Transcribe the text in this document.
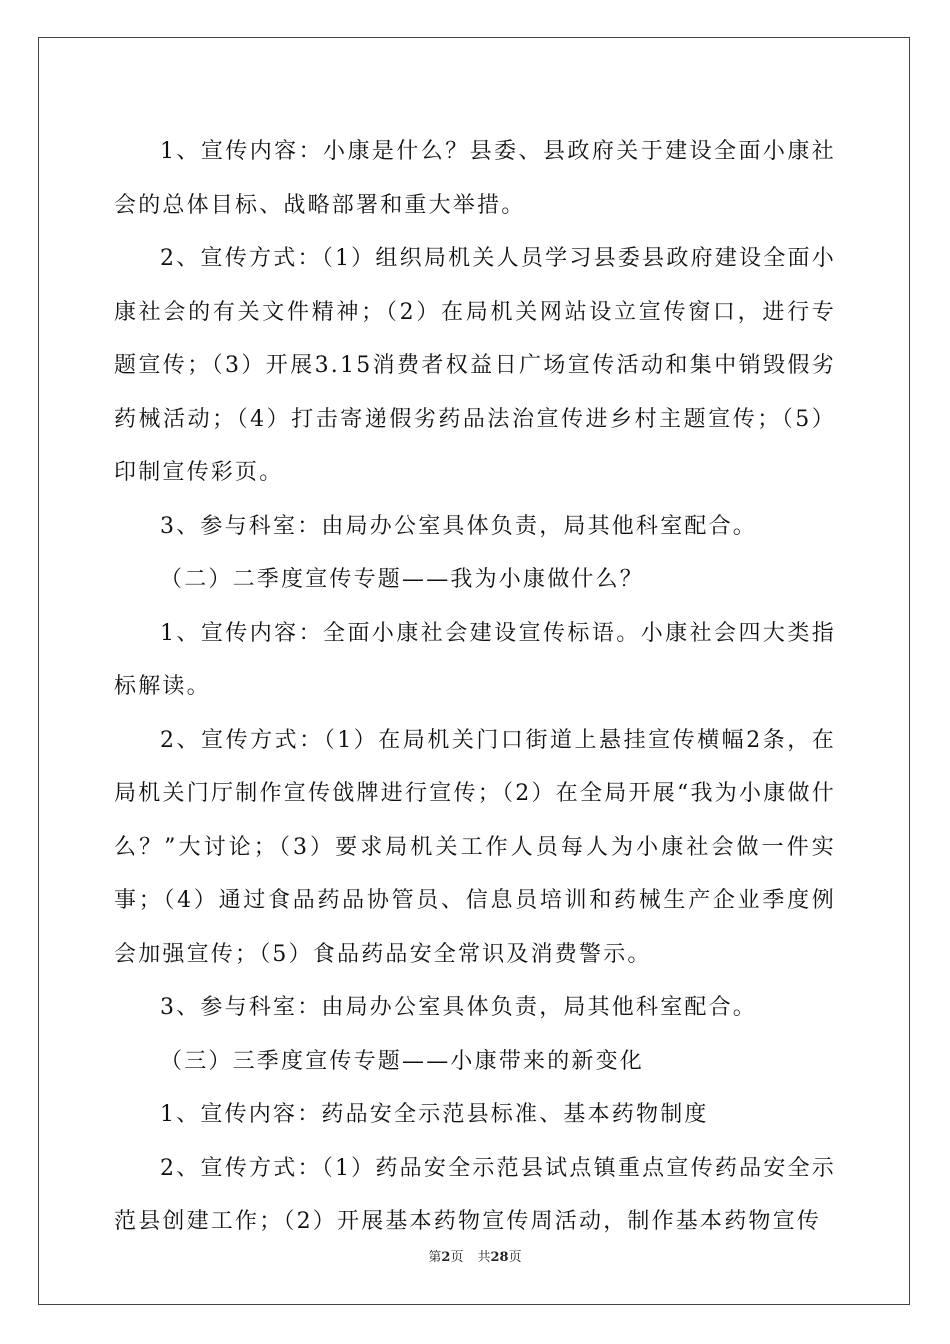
1、宣传内容：小康是什么？县委、县政府关于建设全面小康社会的总体目标、战略部署和重大举措。

2、宣传方式：（1）组织局机关人员学习县委县政府建设全面小康社会的有关文件精神；（2）在局机关网站设立宣传窗口，进行专题宣传；（3）开展3.15消费者权益日广场宣传活动和集中销毁假劣药械活动；（4）打击寄递假劣药品法治宣传进乡村主题宣传；（5）印制宣传彩页。

3、参与科室：由局办公室具体负责，局其他科室配合。

（二）二季度宣传专题——我为小康做什么？

1、宣传内容：全面小康社会建设宣传标语。小康社会四大类指标解读。

2、宣传方式：（1）在局机关门口街道上悬挂宣传横幅2条，在局机关门厅制作宣传戗牌进行宣传；（2）在全局开展“我为小康做什么？”大讨论；（3）要求局机关工作人员每人为小康社会做一件实事；（4）通过食品药品协管员、信息员培训和药械生产企业季度例会加强宣传；（5）食品药品安全常识及消费警示。

3、参与科室：由局办公室具体负责，局其他科室配合。

（三）三季度宣传专题——小康带来的新变化

1、宣传内容：药品安全示范县标准、基本药物制度

2、宣传方式：（1）药品安全示范县试点镇重点宣传药品安全示范县创建工作；（2）开展基本药物宣传周活动，制作基本药物宣传

第2页 共28页
